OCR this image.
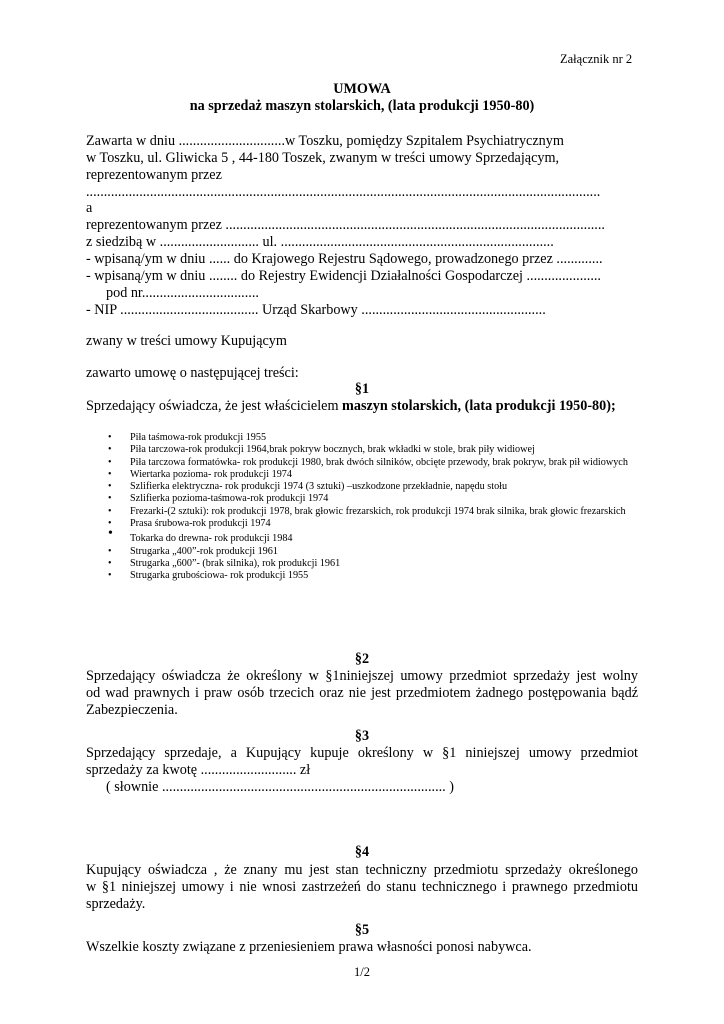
Załącznik nr 2
UMOWA
na sprzedaż maszyn stolarskich, (lata produkcji 1950-80)
Zawarta w dniu ..............................w Toszku, pomiędzy Szpitalem Psychiatrycznym
w Toszku, ul. Gliwicka 5 , 44-180 Toszek, zwanym w treści umowy Sprzedającym,
reprezentowanym przez
.................................................................................................................................................
a
reprezentowanym przez ...........................................................................................................
z siedzibą w ............................ ul. .............................................................................
- wpisaną/ym w dniu ...... do Krajowego Rejestru Sądowego, prowadzonego przez .............
- wpisaną/ym w dniu ........ do Rejestry Ewidencji Działalności Gospodarczej .....................
pod nr.................................
- NIP ....................................... Urząd Skarbowy ....................................................
zwany w treści umowy Kupującym
zawarto umowę o następującej treści:
§1
Sprzedający oświadcza, że jest właścicielem maszyn stolarskich, (lata produkcji 1950-80);
• Piła taśmowa-rok produkcji 1955
• Piła tarczowa-rok produkcji 1964,brak pokryw bocznych, brak wkładki w stole, brak piły widiowej
• Piła tarczowa formatówka- rok produkcji 1980, brak dwóch silników, obcięte przewody, brak pokryw, brak pił widiowych
• Wiertarka pozioma- rok produkcji 1974
• Szlifierka elektryczna- rok produkcji 1974 (3 sztuki) –uszkodzone przekładnie, napędu stołu
• Szlifierka pozioma-taśmowa-rok produkcji 1974
• Frezarki-(2 sztuki): rok produkcji 1978, brak głowic frezarskich, rok produkcji 1974 brak silnika, brak głowic frezarskich
• Prasa śrubowa-rok produkcji 1974
• Tokarka do drewna- rok produkcji 1984
• Strugarka „400”-rok produkcji 1961
• Strugarka „600”- (brak silnika), rok produkcji 1961
• Strugarka grubościowa- rok produkcji 1955
§2
Sprzedający oświadcza że określony w §1niniejszej umowy przedmiot sprzedaży jest wolny
od wad prawnych i praw osób trzecich oraz nie jest przedmiotem żadnego postępowania bądź
Zabezpieczenia.
§3
Sprzedający sprzedaje, a Kupujący kupuje określony w §1 niniejszej umowy przedmiot
sprzedaży za kwotę ........................... zł
( słownie ................................................................................ )
§4
Kupujący oświadcza , że znany mu jest stan techniczny przedmiotu sprzedaży określonego
w §1 niniejszej umowy i nie wnosi zastrzeżeń do stanu technicznego i prawnego przedmiotu
sprzedaży.
§5
Wszelkie koszty związane z przeniesieniem prawa własności ponosi nabywca.
1/2
